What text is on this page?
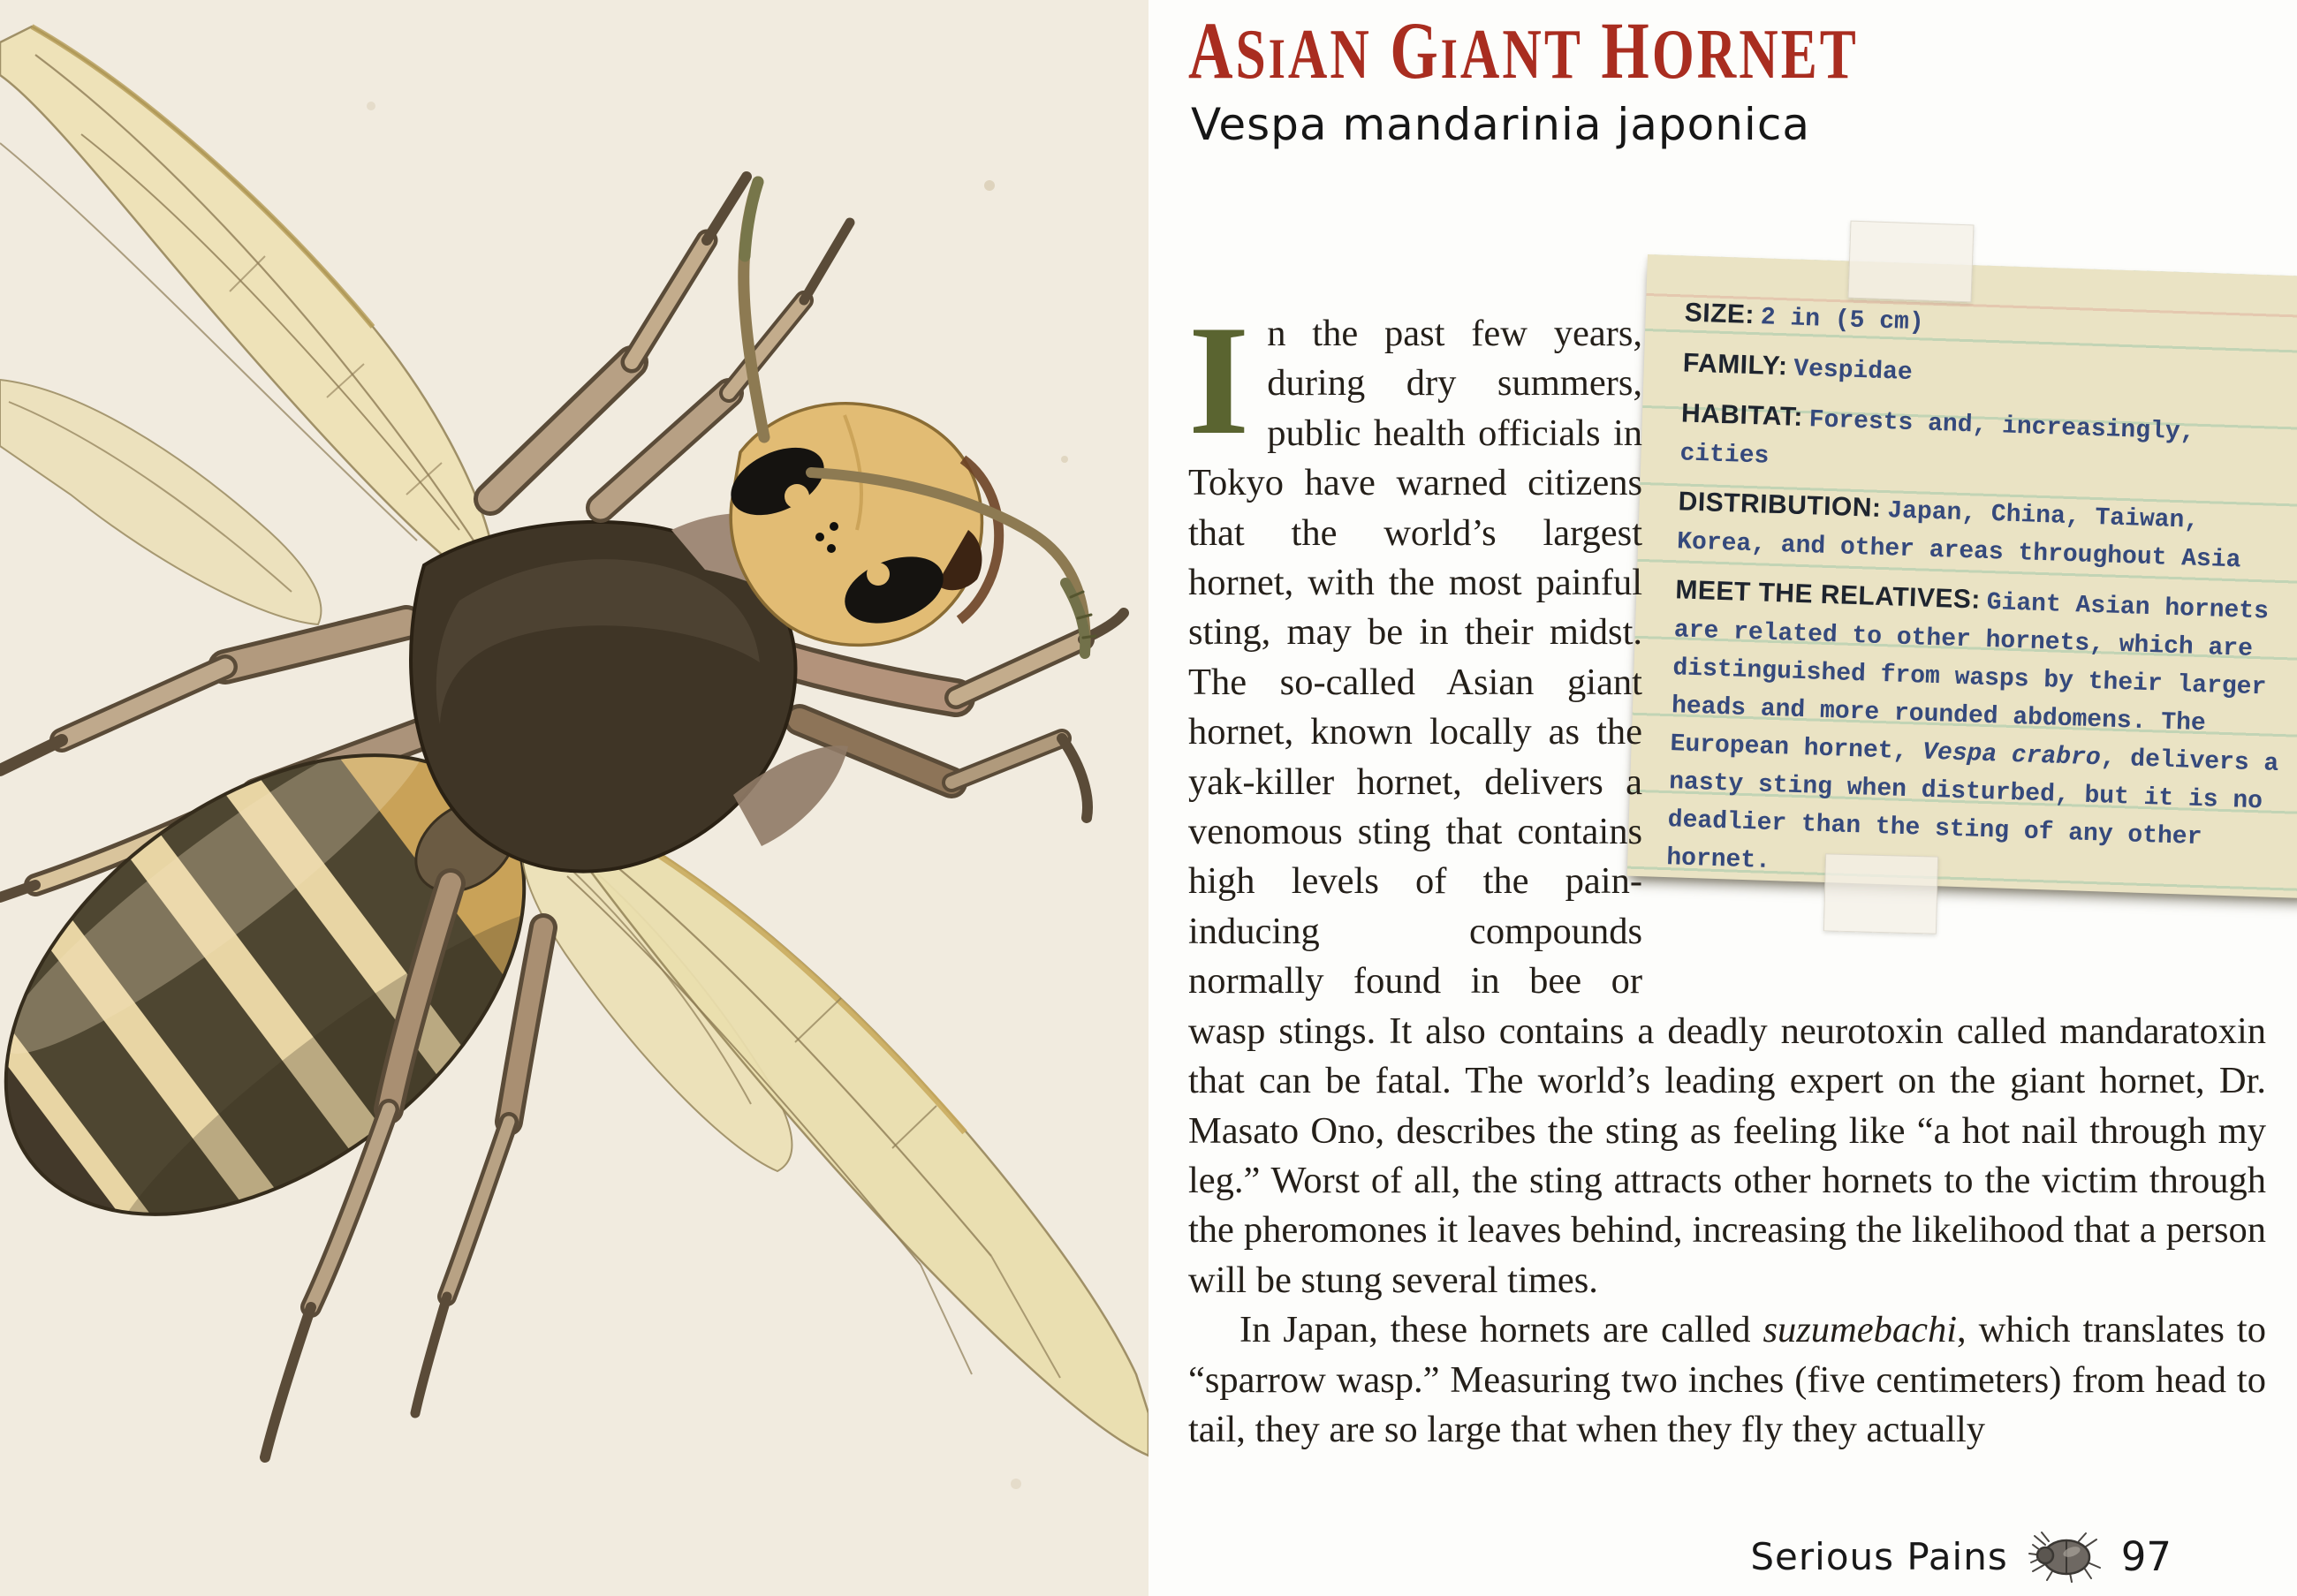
ASIAN GIANT HORNET
Vespa mandarinia japonica

SIZE: 2 in (5 cm)

FAMILY: Vespidae

HABITAT: Forests and, increasingly, cities

DISTRIBUTION: Japan, China, Taiwan, Korea, and other areas throughout Asia

MEET THE RELATIVES: Giant Asian hornets are related to other hornets, which are distinguished from wasps by their larger heads and more rounded abdomens. The European hornet, Vespa crabro, delivers a nasty sting when disturbed, but it is no deadlier than the sting of any other hornet.

In the past few years, during dry summers, public health officials in Tokyo have warned citizens that the world’s largest hornet, with the most painful sting, may be in their midst. The so-called Asian giant hornet, known locally as the yak-killer hornet, delivers a venomous sting that contains high levels of the pain-inducing compounds normally found in bee or wasp stings. It also contains a deadly neurotoxin called mandaratoxin that can be fatal. The world’s leading expert on the giant hornet, Dr. Masato Ono, describes the sting as feeling like “a hot nail through my leg.” Worst of all, the sting attracts other hornets to the victim through the pheromones it leaves behind, increasing the likelihood that a person will be stung several times.

In Japan, these hornets are called suzumebachi, which translates to “sparrow wasp.” Measuring two inches (five centimeters) from head to tail, they are so large that when they fly they actually

Serious Pains	97
